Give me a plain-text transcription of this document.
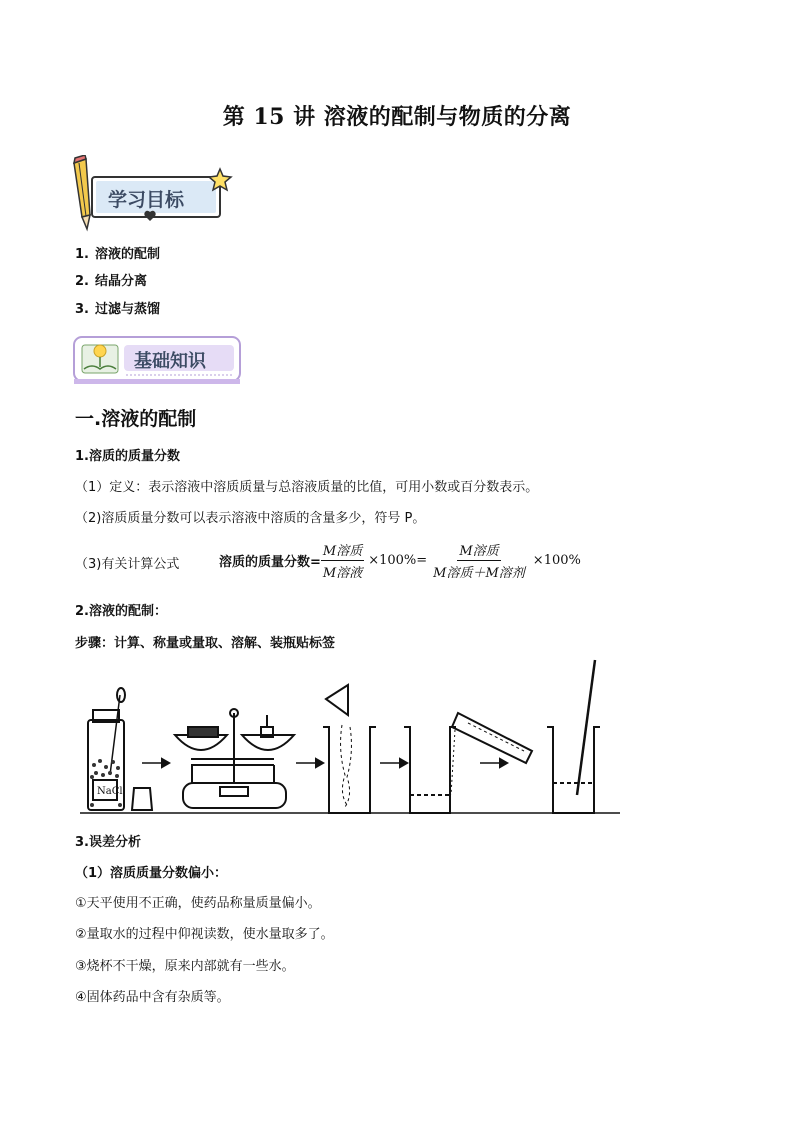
第 15 讲 溶液的配制与物质的分离
学习目标
1. 溶液的配制
2. 结晶分离
3. 过滤与蒸馏
基础知识
一.溶液的配制
1.溶质的质量分数
（1）定义：表示溶液中溶质质量与总溶液质量的比值，可用小数或百分数表示。
（2)溶质质量分数可以表示溶液中溶质的含量多少，符号 P。
（3)有关计算公式	溶质的质量分数= $\frac{\text{M溶质}}{\text{M溶液}} \times 100\%= \frac{\text{M溶质}}{\text{M溶质＋M溶剂}} \times 100\%$
2.溶液的配制：
步骤：计算、称量或量取、溶解、装瓶贴标签
NaCl
3.误差分析
（1）溶质质量分数偏小：
①天平使用不正确，使药品称量质量偏小。
②量取水的过程中仰视读数，使水量取多了。
③烧杯不干燥，原来内部就有一些水。
④固体药品中含有杂质等。
